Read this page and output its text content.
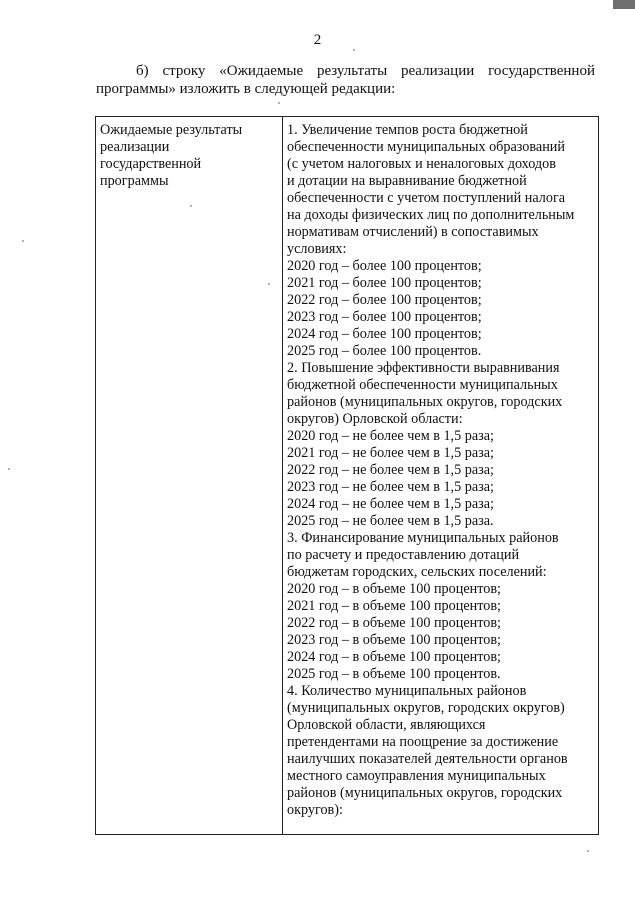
2
б) строку «Ожидаемые результаты реализации государственной
программы» изложить в следующей редакции:
Ожидаемые результаты
реализации
государственной
программы

1. Увеличение темпов роста бюджетной
обеспеченности муниципальных образований
(с учетом налоговых и неналоговых доходов
и дотации на выравнивание бюджетной
обеспеченности с учетом поступлений налога
на доходы физических лиц по дополнительным
нормативам отчислений) в сопоставимых
условиях:
2020 год – более 100 процентов;
2021 год – более 100 процентов;
2022 год – более 100 процентов;
2023 год – более 100 процентов;
2024 год – более 100 процентов;
2025 год – более 100 процентов.
2. Повышение эффективности выравнивания
бюджетной обеспеченности муниципальных
районов (муниципальных округов, городских
округов) Орловской области:
2020 год – не более чем в 1,5 раза;
2021 год – не более чем в 1,5 раза;
2022 год – не более чем в 1,5 раза;
2023 год – не более чем в 1,5 раза;
2024 год – не более чем в 1,5 раза;
2025 год – не более чем в 1,5 раза.
3. Финансирование муниципальных районов
по расчету и предоставлению дотаций
бюджетам городских, сельских поселений:
2020 год – в объеме 100 процентов;
2021 год – в объеме 100 процентов;
2022 год – в объеме 100 процентов;
2023 год – в объеме 100 процентов;
2024 год – в объеме 100 процентов;
2025 год – в объеме 100 процентов.
4. Количество муниципальных районов
(муниципальных округов, городских округов)
Орловской области, являющихся
претендентами на поощрение за достижение
наилучших показателей деятельности органов
местного самоуправления муниципальных
районов (муниципальных округов, городских
округов):
